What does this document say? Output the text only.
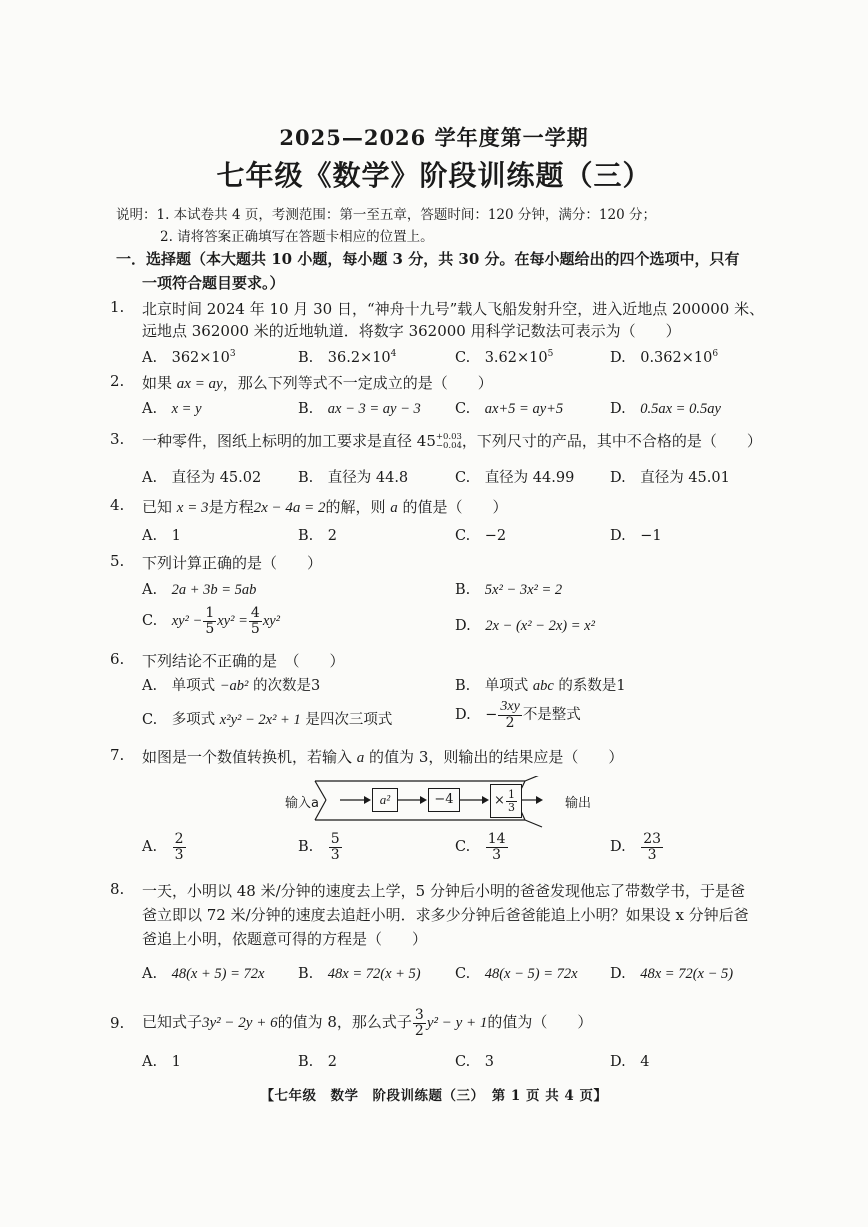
2025—2026 学年度第一学期
七年级《数学》阶段训练题（三）
说明：1. 本试卷共 4 页，考测范围：第一至五章，答题时间：120 分钟，满分：120 分；
2. 请将答案正确填写在答题卡相应的位置上。
一．选择题（本大题共 10 小题，每小题 3 分，共 30 分。在每小题给出的四个选项中，只有
一项符合题目要求。）
1. 北京时间 2024 年 10 月 30 日，“神舟十九号”载人飞船发射升空，进入近地点 200000 米、
远地点 362000 米的近地轨道．将数字 362000 用科学记数法可表示为（　　）
A.　 $362\times 10^3$	B.　 $36.2\times 10^4$	C.　 $3.62\times 10^5$	D.　 $0.362\times 10^6$
2. 如果 ax = ay，那么下列等式不一定成立的是（　　）
A.　 x = y	B.　 ax − 3 = ay − 3 C.　 ax+5 = ay+5	D.　 0.5ax = 0.5ay
3. 一种零件，图纸上标明的加工要求是直径 45 +0.03
−0.04 ，下列尺寸的产品，其中不合格的是（　　）
A.　 直径为 45.02	B.　 直径为 44.8	C.　 直径为 44.99 D.　 直径为 45.01
4. 已知 x = 3是方程2x − 4a = 2的解，则 a 的值是（　　）
A.　 1	B.　 2	C.　 −2	D.　 −1
5. 下列计算正确的是（　　）
A.　 2a + 3b = 5ab	B.　 5x² − 3x² = 2
C.　 $xy^2 - \frac{1}{5} xy^2 = \frac{4}{5} xy^2$	D.　 2x − (x² − 2x) = x²
6. 下列结论不正确的是　（　　）
A.　 单项式 −ab² 的次数是3	B.　 单项式 abc 的系数是1
C.　 多项式 x²y² − 2x² + 1 是四次三项式	D.　 − $\frac{3xy}{2}$ 不是整式
7. 如图是一个数值转换机，若输入 a 的值为 3，则输出的结果应是（　　）
输入a	a²	−4	× $\frac{1}{3}$	输出
A.　 $\frac{2}{3}$	B.　 $\frac{5}{3}$	C.　 $\frac{14}{3}$	D.　 $\frac{23}{3}$
8. 一天，小明以 48 米/分钟的速度去上学，5 分钟后小明的爸爸发现他忘了带数学书，于是爸
爸立即以 72 米/分钟的速度去追赶小明．求多少分钟后爸爸能追上小明？如果设 x 分钟后爸
爸追上小明，依题意可得的方程是（　　）
A.　 48(x + 5) = 72x B.　 48x = 72(x + 5) C.　 48(x − 5) = 72x D.　 48x = 72(x − 5)
9. 已知式子3y² − 2y + 6的值为 8，那么式子 $\frac{3}{2} y^2 - y + 1$的值为（　　）
A.　 1	B.　 2	C.　 3	D.　 4
【七年级　数学　阶段训练题（三）　第 1 页 共 4 页】
